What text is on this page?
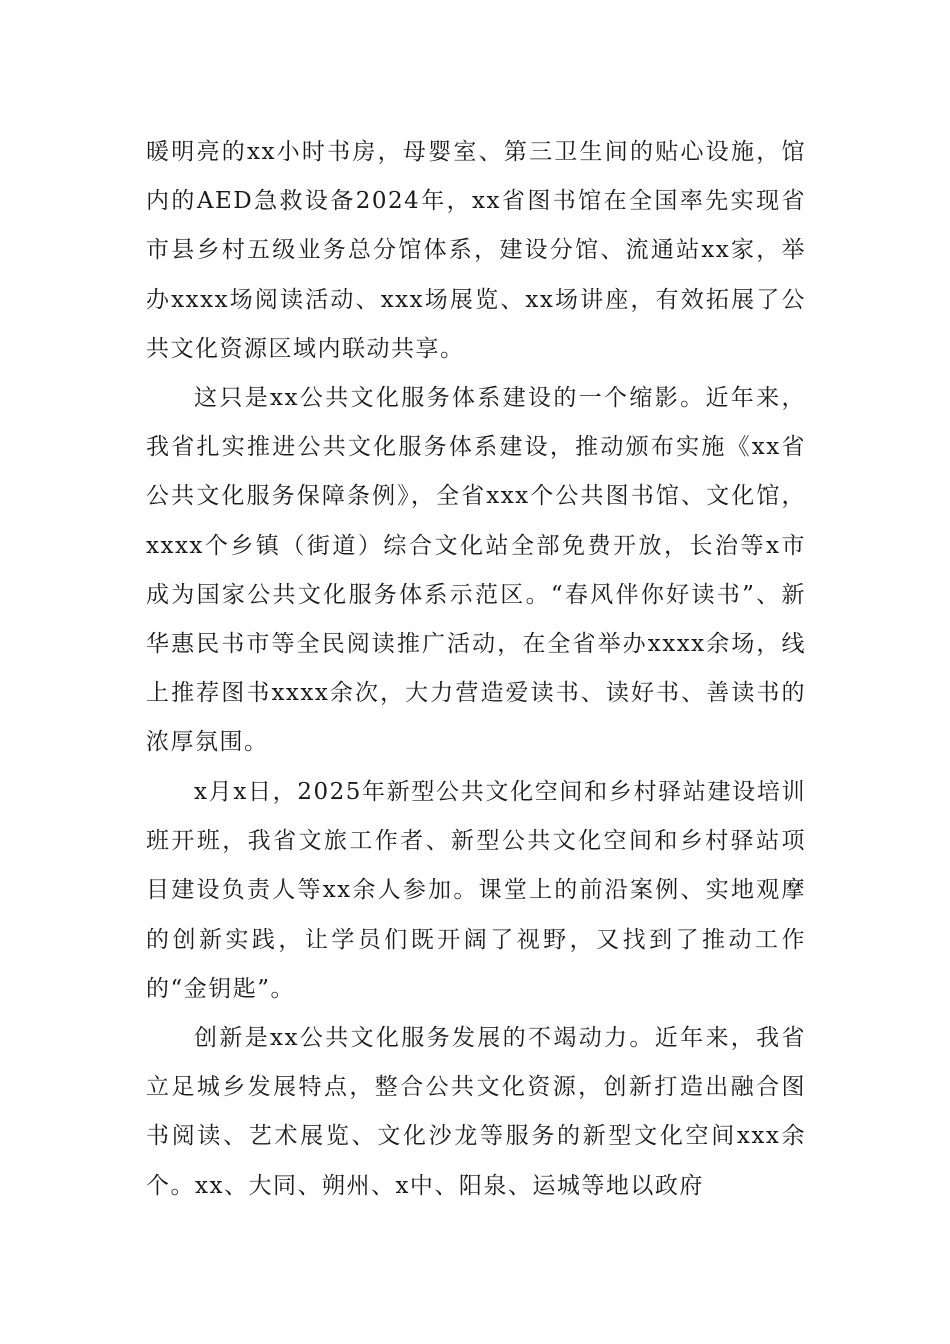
暖明亮的xx小时书房，母婴室、第三卫生间的贴心设施，馆内的AED急救设备2024年，xx省图书馆在全国率先实现省市县乡村五级业务总分馆体系，建设分馆、流通站xx家，举办xxxx场阅读活动、xxx场展览、xx场讲座，有效拓展了公共文化资源区域内联动共享。

这只是xx公共文化服务体系建设的一个缩影。近年来，我省扎实推进公共文化服务体系建设，推动颁布实施《xx省公共文化服务保障条例》，全省xxx个公共图书馆、文化馆，xxxx个乡镇（街道）综合文化站全部免费开放，长治等x市成为国家公共文化服务体系示范区。“春风伴你好读书”、新华惠民书市等全民阅读推广活动，在全省举办xxxx余场，线上推荐图书xxxx余次，大力营造爱读书、读好书、善读书的浓厚氛围。

x月x日，2025年新型公共文化空间和乡村驿站建设培训班开班，我省文旅工作者、新型公共文化空间和乡村驿站项目建设负责人等xx余人参加。课堂上的前沿案例、实地观摩的创新实践，让学员们既开阔了视野，又找到了推动工作的“金钥匙”。

创新是xx公共文化服务发展的不竭动力。近年来，我省立足城乡发展特点，整合公共文化资源，创新打造出融合图书阅读、艺术展览、文化沙龙等服务的新型文化空间xxx余个。xx、大同、朔州、x中、阳泉、运城等地以政府
